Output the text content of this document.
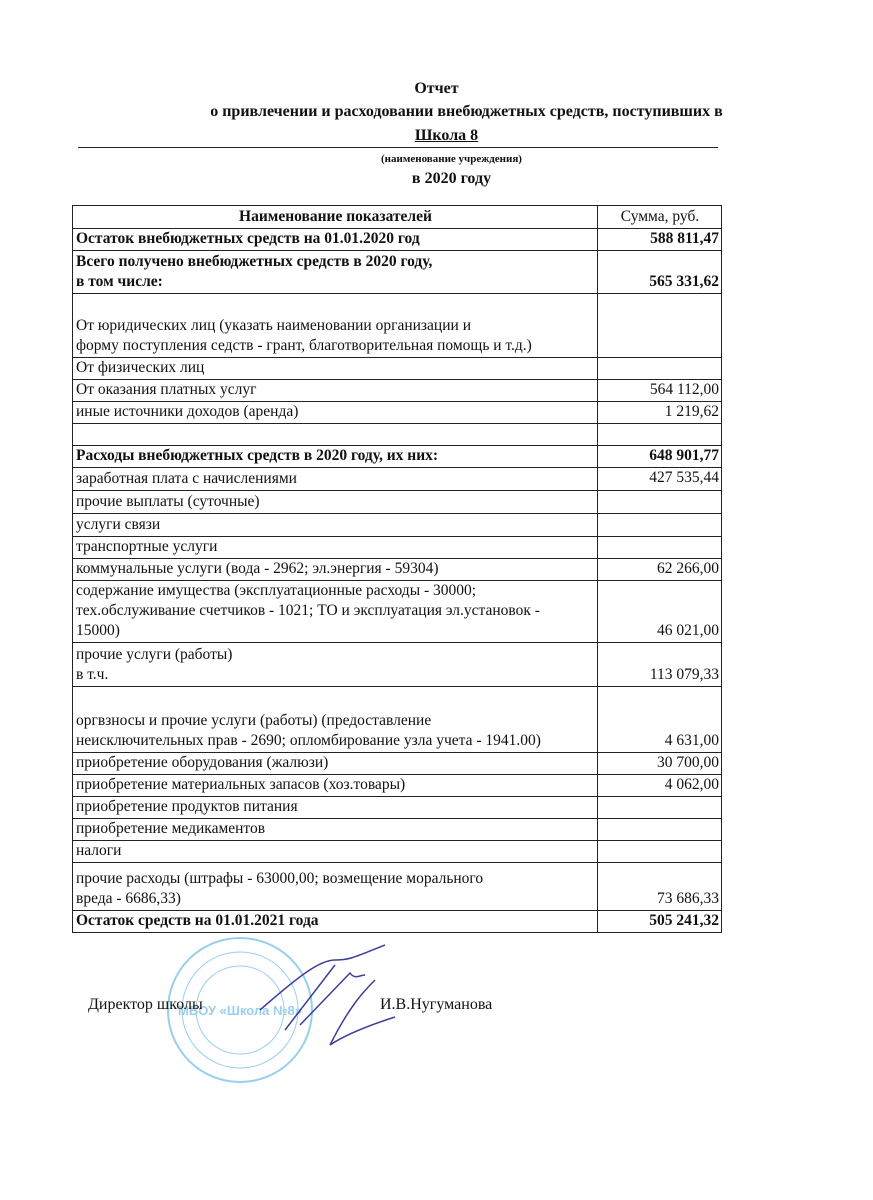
Отчет
о привлечении и расходовании внебюджетных средств, поступивших в
Школа 8
(наименование учреждения)
в 2020 году
Наименование показателей	Сумма, руб.
Остаток внебюджетных средств на 01.01.2020 год	588 811,47
Всего получено внебюджетных средств в 2020 году,
в том числе:	565 331,62
От юридических лиц (указать наименовании организации и
форму поступления седств - грант, благотворительная помощь и т.д.)	
От физических лиц	
От оказания платных услуг	564 112,00
иные источники доходов (аренда)	1 219,62

Расходы внебюджетных средств в 2020 году, их них:	648 901,77
заработная плата с начислениями	427 535,44
прочие выплаты (суточные)	
услуги связи	
транспортные услуги	
коммунальные услуги (вода - 2962; эл.энергия - 59304)	62 266,00
содержание имущества (эксплуатационные расходы - 30000;
тех.обслуживание счетчиков - 1021; ТО и эксплуатация эл.установок -
15000)	46 021,00
прочие услуги (работы)
в т.ч.	113 079,33
оргвзносы и прочие услуги (работы) (предоставление
неисключительных прав - 2690; опломбирование узла учета - 1941.00)	4 631,00
приобретение оборудования (жалюзи)	30 700,00
приобретение материальных запасов (хоз.товары)	4 062,00
приобретение продуктов питания	
приобретение медикаментов	
налоги	
прочие расходы (штрафы - 63000,00; возмещение морального
вреда - 6686,33)	73 686,33
Остаток средств на 01.01.2021 года	505 241,32
МБОУ «Школа №8»
Директор школы	И.В.Нугуманова
